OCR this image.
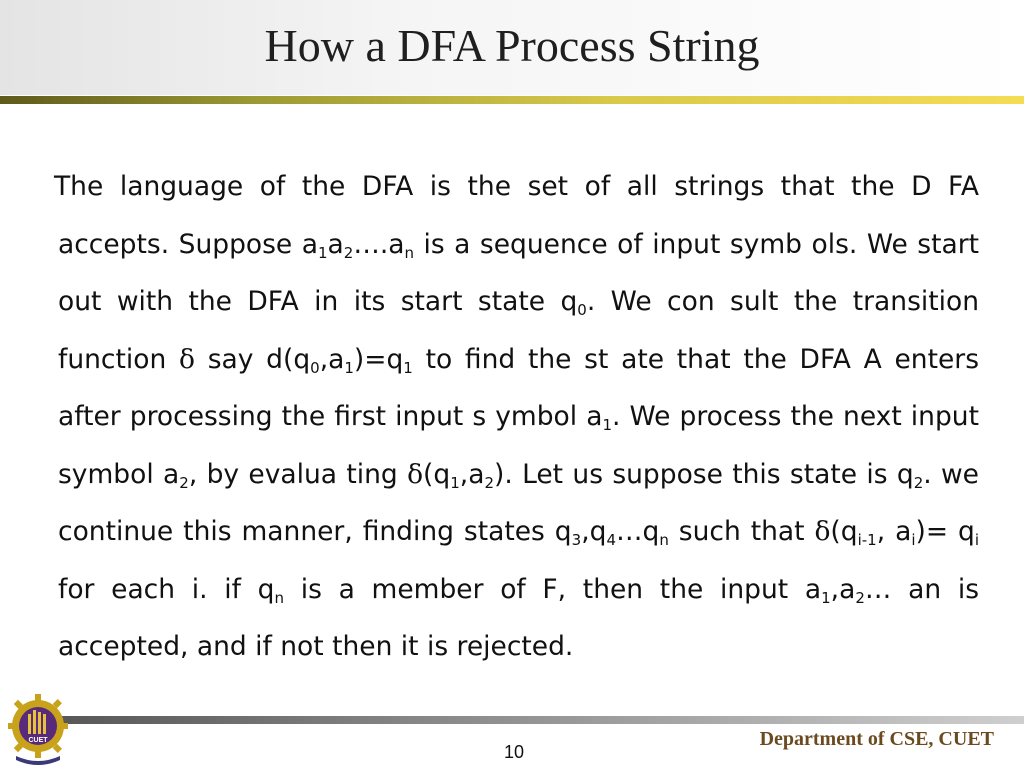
How a DFA Process String
The language of the DFA is the set of all strings that the D FA accepts. Suppose $a_1a_2\dots.a_n$ is a sequence of input symb ols. We start out with the DFA in its start state $q_0$. We con sult the transition function δ say $d(q_0,a_1)=q_1$ to find the st ate that the DFA A enters after processing the first input s ymbol $a_1$. We process the next input symbol $a_2$, by evalua ting $\delta(q_1,a_2)$. Let us suppose this state is $q_2$. we continue this manner, finding states $q_3,q_4\dots q_n$ such that $\delta(q_{i-1}$, $a_i)= q_i$ for each i. if $q_n$ is a member of F, then the input $a_1,a_2\dots$ an is accepted, and if not then it is rejected.
CUET
10
Department of CSE, CUET
